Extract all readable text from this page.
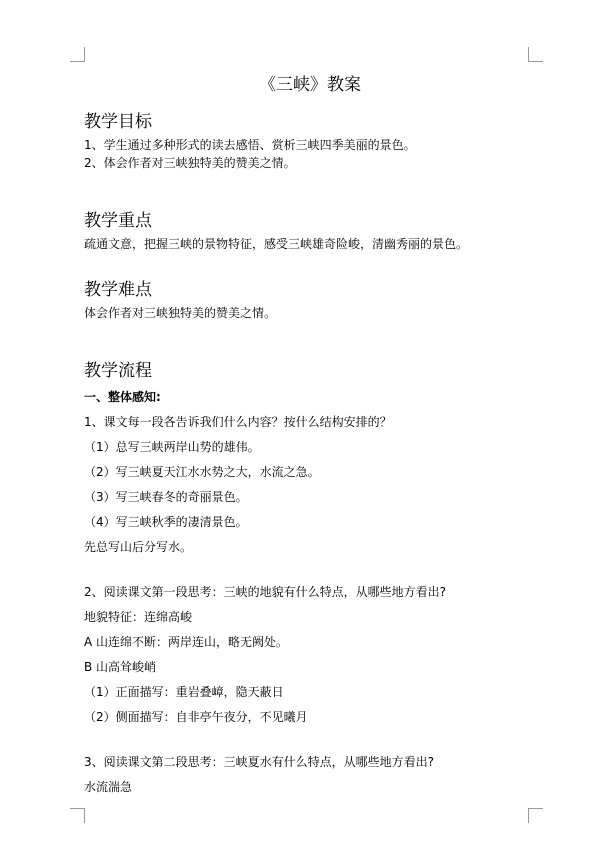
《三峡》教案
教学目标

1、学生通过多种形式的读去感悟、赏析三峡四季美丽的景色。

2、体会作者对三峡独特美的赞美之情。

教学重点

疏通文意，把握三峡的景物特征，感受三峡雄奇险峻，清幽秀丽的景色。

教学难点

体会作者对三峡独特美的赞美之情。

教学流程

一、整体感知:

1、课文每一段各告诉我们什么内容？按什么结构安排的？

（1）总写三峡两岸山势的雄伟。

（2）写三峡夏天江水水势之大，水流之急。

（3）写三峡春冬的奇丽景色。

（4）写三峡秋季的凄清景色。

先总写山后分写水。

2、阅读课文第一段思考：三峡的地貌有什么特点，从哪些地方看出?

地貌特征：连绵高峻

A 山连绵不断：两岸连山，略无阙处。

B 山高耸峻峭

（1）正面描写：重岩叠嶂，隐天蔽日

（2）侧面描写：自非亭午夜分，不见曦月

3、阅读课文第二段思考：三峡夏水有什么特点，从哪些地方看出?

水流湍急
